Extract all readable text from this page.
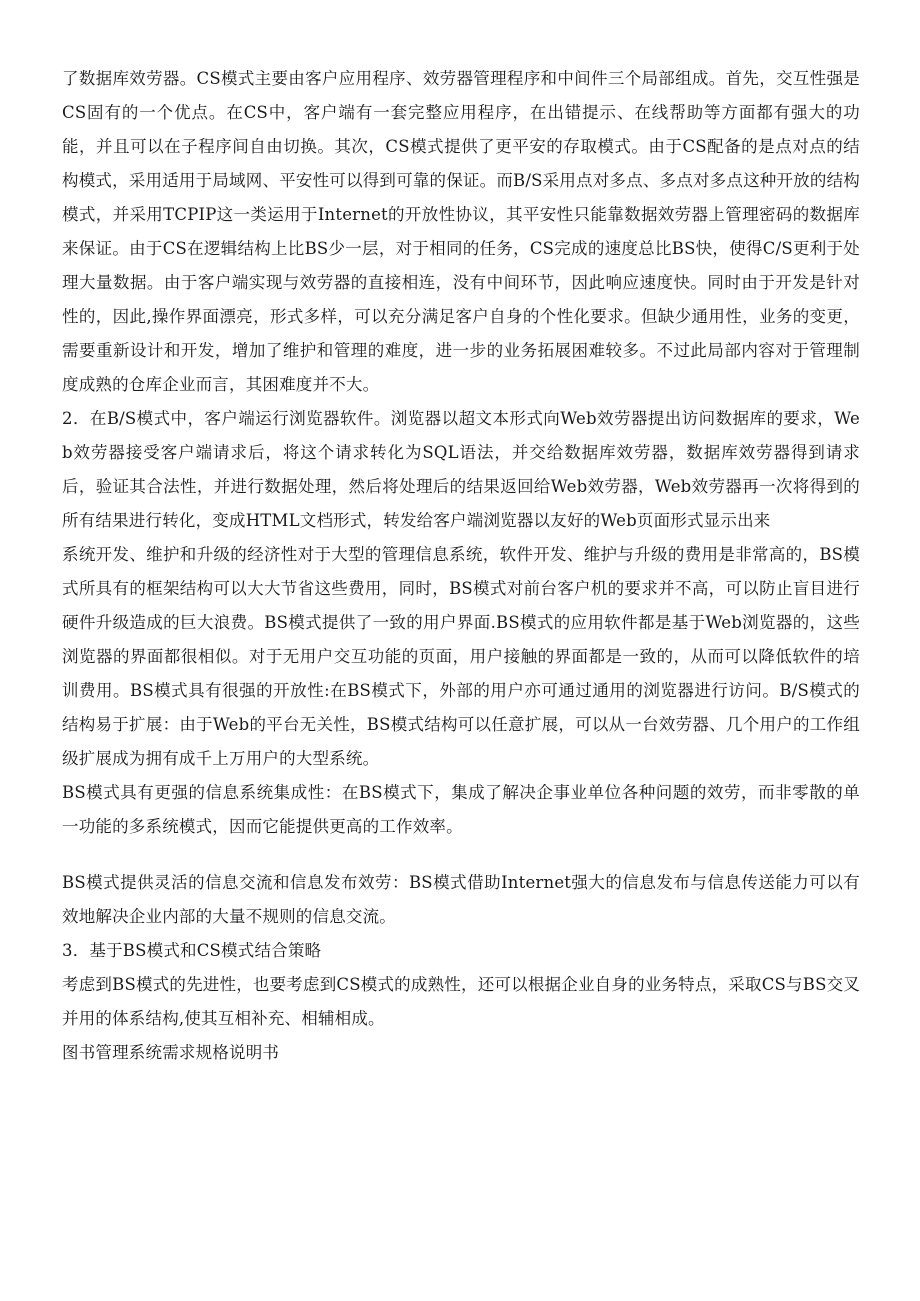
了数据库效劳器。CS模式主要由客户应用程序、效劳器管理程序和中间件三个局部组成。首先，交互性强是CS固有的一个优点。在CS中，客户端有一套完整应用程序，在出错提示、在线帮助等方面都有强大的功能，并且可以在子程序间自由切换。其次，CS模式提供了更平安的存取模式。由于CS配备的是点对点的结构模式，采用适用于局域网、平安性可以得到可靠的保证。而B/S采用点对多点、多点对多点这种开放的结构模式，并采用TCPIP这一类运用于Internet的开放性协议，其平安性只能靠数据效劳器上管理密码的数据库来保证。由于CS在逻辑结构上比BS少一层，对于相同的任务，CS完成的速度总比BS快，使得C/S更利于处理大量数据。由于客户端实现与效劳器的直接相连，没有中间环节，因此响应速度快。同时由于开发是针对性的，因此,操作界面漂亮，形式多样，可以充分满足客户自身的个性化要求。但缺少通用性，业务的变更，需要重新设计和开发，增加了维护和管理的难度，进一步的业务拓展困难较多。不过此局部内容对于管理制度成熟的仓库企业而言，其困难度并不大。

2．在B/S模式中，客户端运行浏览器软件。浏览器以超文本形式向Web效劳器提出访问数据库的要求，Web效劳器接受客户端请求后，将这个请求转化为SQL语法，并交给数据库效劳器，数据库效劳器得到请求后，验证其合法性，并进行数据处理，然后将处理后的结果返回给Web效劳器，Web效劳器再一次将得到的所有结果进行转化，变成HTML文档形式，转发给客户端浏览器以友好的Web页面形式显示出来

系统开发、维护和升级的经济性对于大型的管理信息系统，软件开发、维护与升级的费用是非常高的，BS模式所具有的框架结构可以大大节省这些费用，同时，BS模式对前台客户机的要求并不高，可以防止盲目进行硬件升级造成的巨大浪费。BS模式提供了一致的用户界面.BS模式的应用软件都是基于Web浏览器的，这些浏览器的界面都很相似。对于无用户交互功能的页面，用户接触的界面都是一致的，从而可以降低软件的培训费用。BS模式具有很强的开放性:在BS模式下，外部的用户亦可通过通用的浏览器进行访问。B/S模式的结构易于扩展：由于Web的平台无关性，BS模式结构可以任意扩展，可以从一台效劳器、几个用户的工作组级扩展成为拥有成千上万用户的大型系统。

BS模式具有更强的信息系统集成性：在BS模式下，集成了解决企事业单位各种问题的效劳，而非零散的单一功能的多系统模式，因而它能提供更高的工作效率。

BS模式提供灵活的信息交流和信息发布效劳：BS模式借助Internet强大的信息发布与信息传送能力可以有效地解决企业内部的大量不规则的信息交流。

3．基于BS模式和CS模式结合策略

考虑到BS模式的先进性，也要考虑到CS模式的成熟性，还可以根据企业自身的业务特点，采取CS与BS交叉并用的体系结构,使其互相补充、相辅相成。

图书管理系统需求规格说明书
